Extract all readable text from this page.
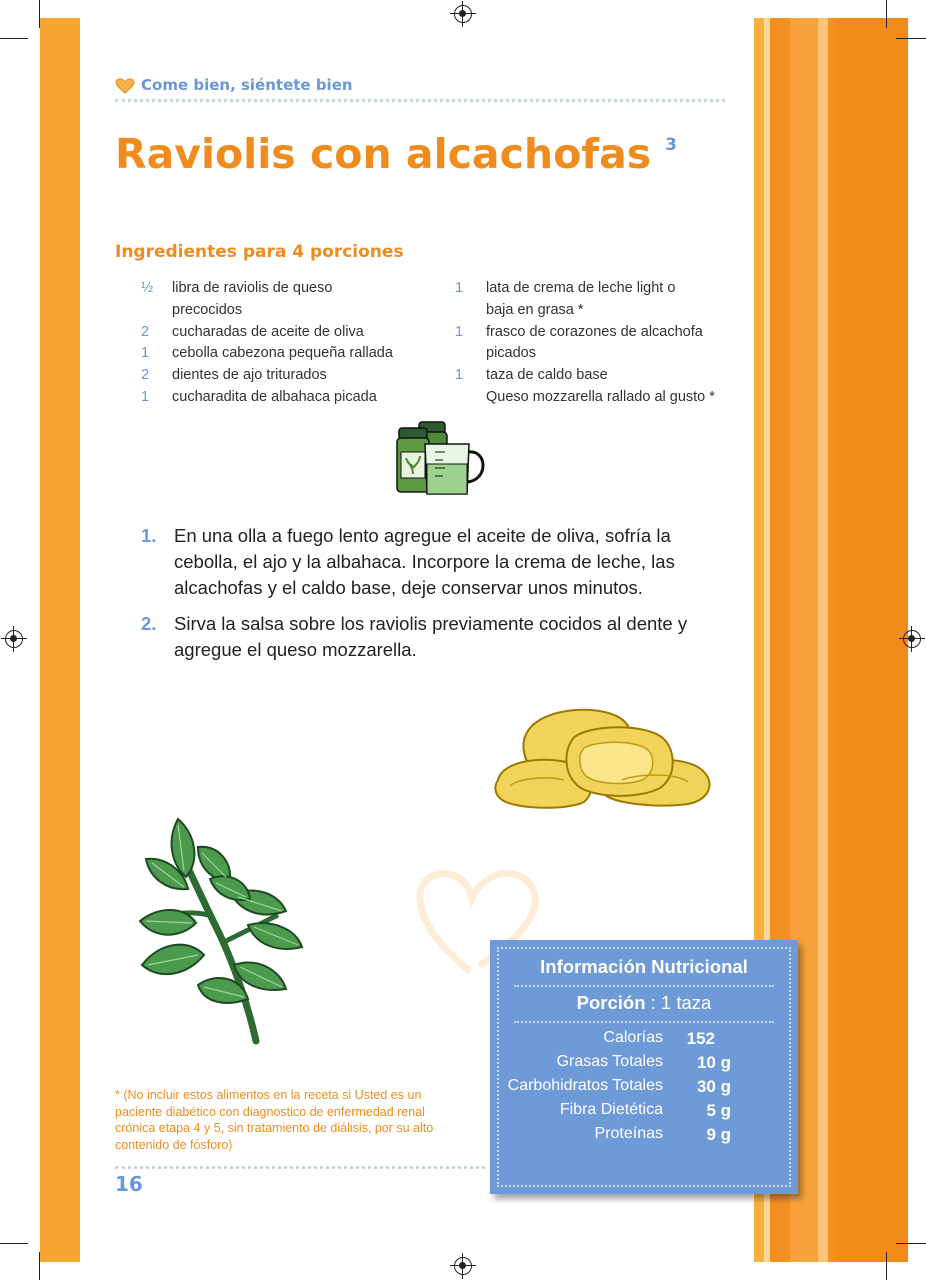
Come bien, siéntete bien
Raviolis con alcachofas $^3$
Ingredientes para 4 porciones
½	libra de raviolis de queso precocidos
2	cucharadas de aceite de oliva
1	cebolla cabezona pequeña rallada
2	dientes de ajo triturados
1	cucharadita de albahaca picada
1	lata de crema de leche light o baja en grasa *
1	frasco de corazones de alcachofa picados
1	taza de caldo base
Queso mozzarella rallado al gusto *
1. En una olla a fuego lento agregue el aceite de oliva, sofría la cebolla, el ajo y la albahaca. Incorpore la crema de leche, las alcachofas y el caldo base, deje conservar unos minutos.
2. Sirva la salsa sobre los raviolis previamente cocidos al dente y agregue el queso mozzarella.
* (No incluir estos alimentos en la receta si Usted es un paciente diabético con diagnostico de enfermedad renal crónica etapa 4 y 5, sin tratamiento de diálisis, por su alto contenido de fósforo)
16
Información Nutricional
Porción : 1 taza
Calorías 152
Grasas Totales 10 g
Carbohidratos Totales 30 g
Fibra Dietética	5 g
Proteínas	9 g
